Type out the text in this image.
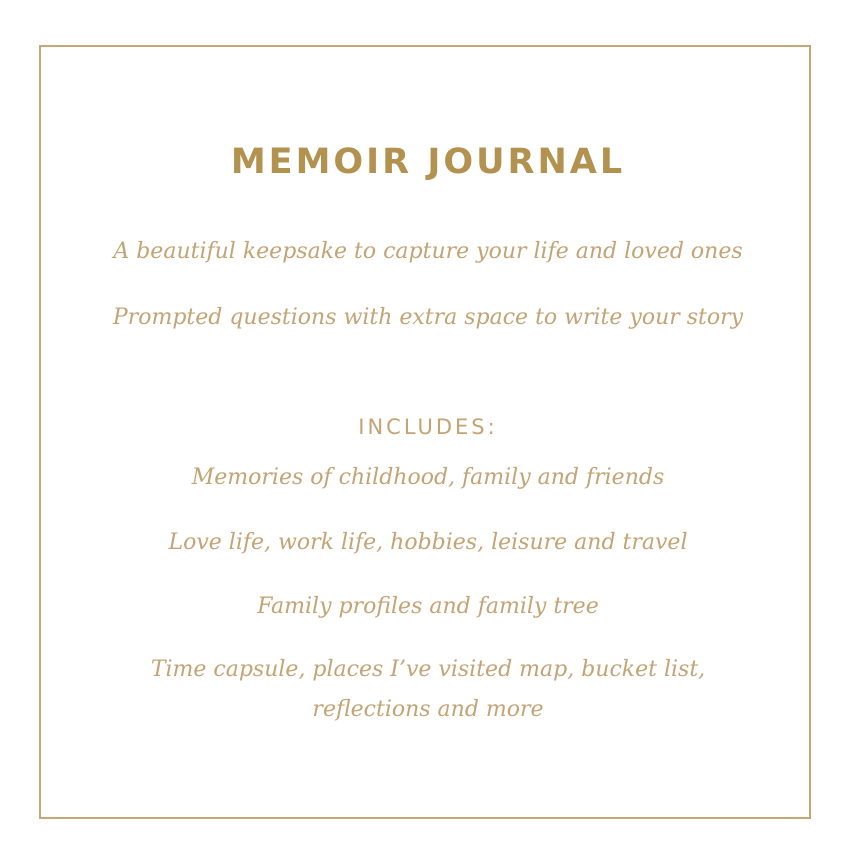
MEMOIR JOURNAL
A beautiful keepsake to capture your life and loved ones
Prompted questions with extra space to write your story
INCLUDES:
Memories of childhood, family and friends
Love life, work life, hobbies, leisure and travel
Family profiles and family tree
Time capsule, places I’ve visited map, bucket list,
reflections and more
